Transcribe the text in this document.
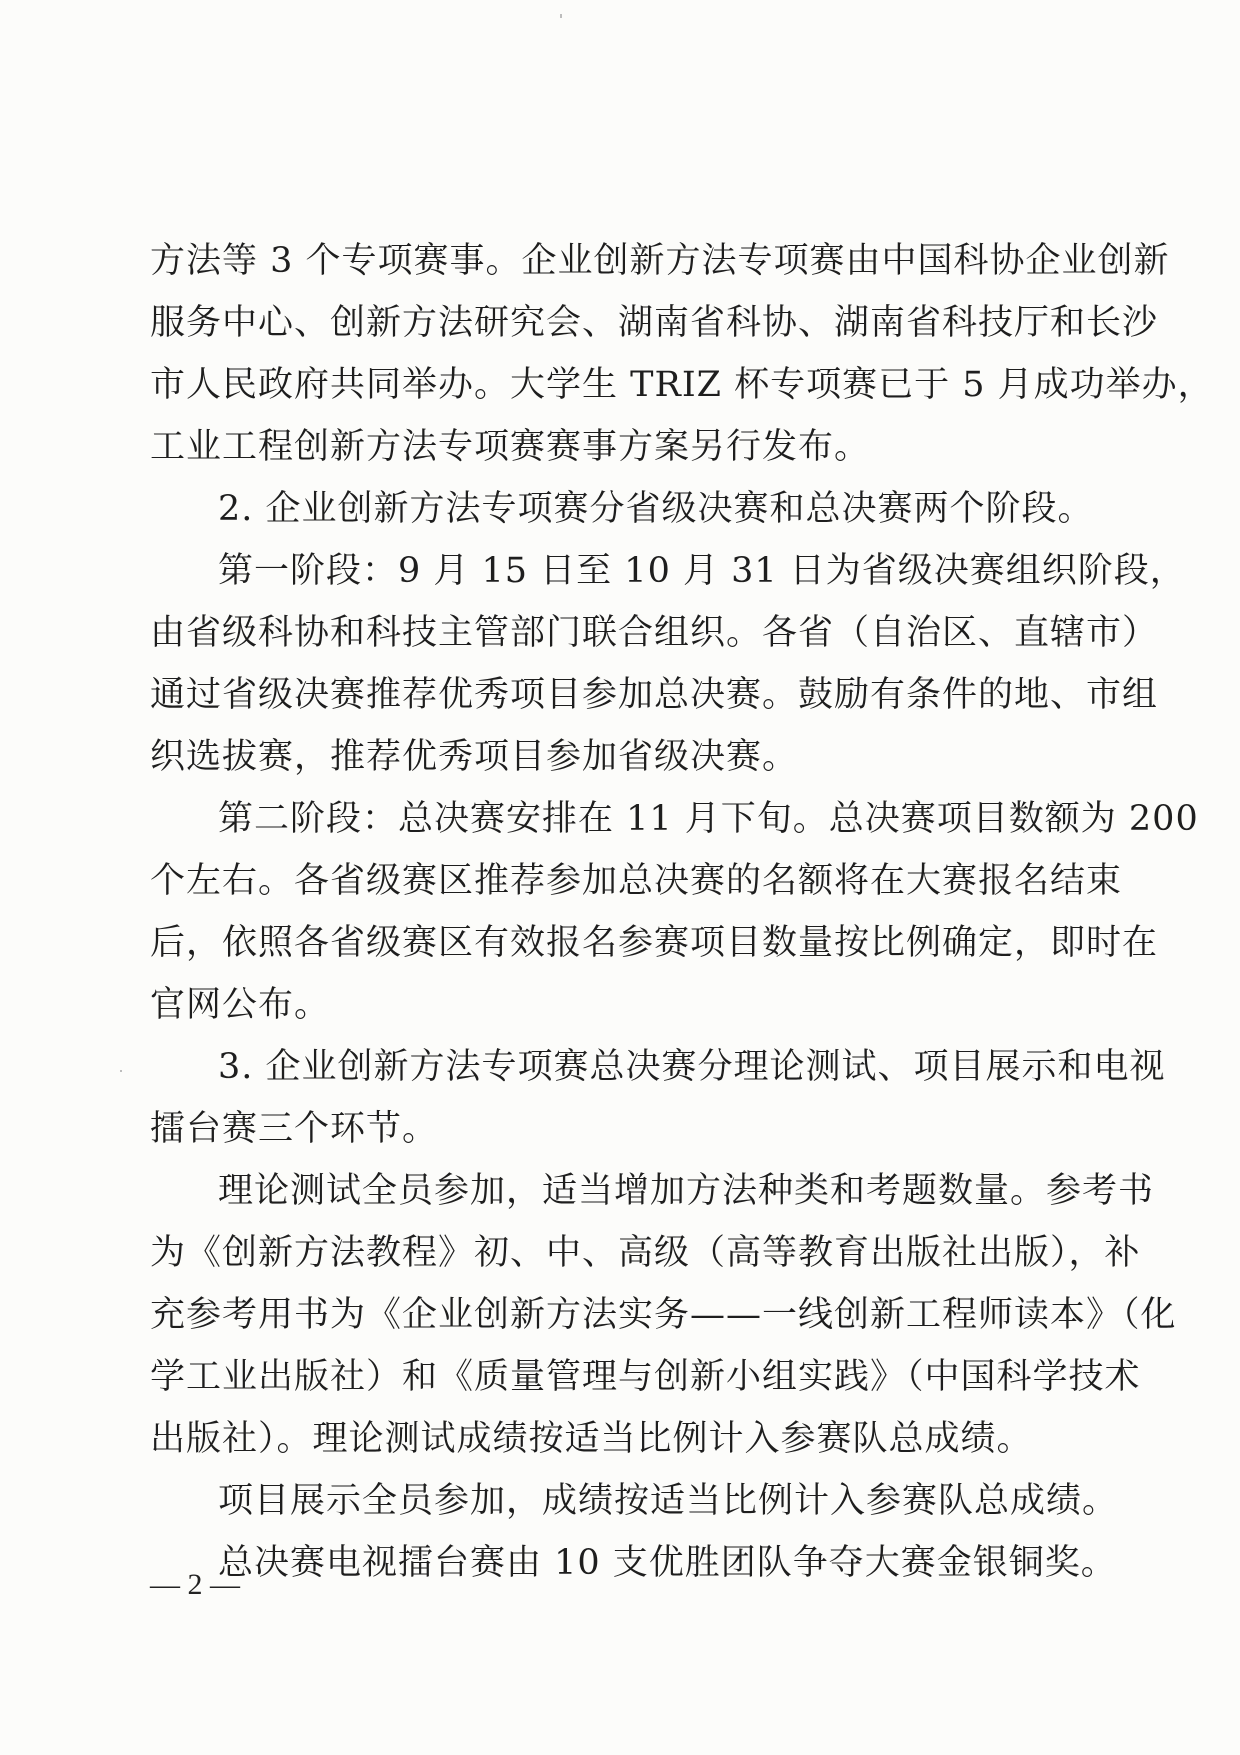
方法等 3 个专项赛事。企业创新方法专项赛由中国科协企业创新
服务中心、创新方法研究会、湖南省科协、湖南省科技厅和长沙
市人民政府共同举办。大学生 TRIZ 杯专项赛已于 5 月成功举办，
工业工程创新方法专项赛赛事方案另行发布。
2. 企业创新方法专项赛分省级决赛和总决赛两个阶段。
第一阶段：9 月 15 日至 10 月 31 日为省级决赛组织阶段，
由省级科协和科技主管部门联合组织。各省（自治区、直辖市）
通过省级决赛推荐优秀项目参加总决赛。鼓励有条件的地、市组
织选拔赛，推荐优秀项目参加省级决赛。
第二阶段：总决赛安排在 11 月下旬。总决赛项目数额为 200
个左右。各省级赛区推荐参加总决赛的名额将在大赛报名结束
后，依照各省级赛区有效报名参赛项目数量按比例确定，即时在
官网公布。
3. 企业创新方法专项赛总决赛分理论测试、项目展示和电视
擂台赛三个环节。
理论测试全员参加，适当增加方法种类和考题数量。参考书
为《创新方法教程》初、中、高级（高等教育出版社出版），补
充参考用书为《企业创新方法实务——一线创新工程师读本》（化
学工业出版社）和《质量管理与创新小组实践》（中国科学技术
出版社）。理论测试成绩按适当比例计入参赛队总成绩。
项目展示全员参加，成绩按适当比例计入参赛队总成绩。
总决赛电视擂台赛由 10 支优胜团队争夺大赛金银铜奖。
— 2 —
